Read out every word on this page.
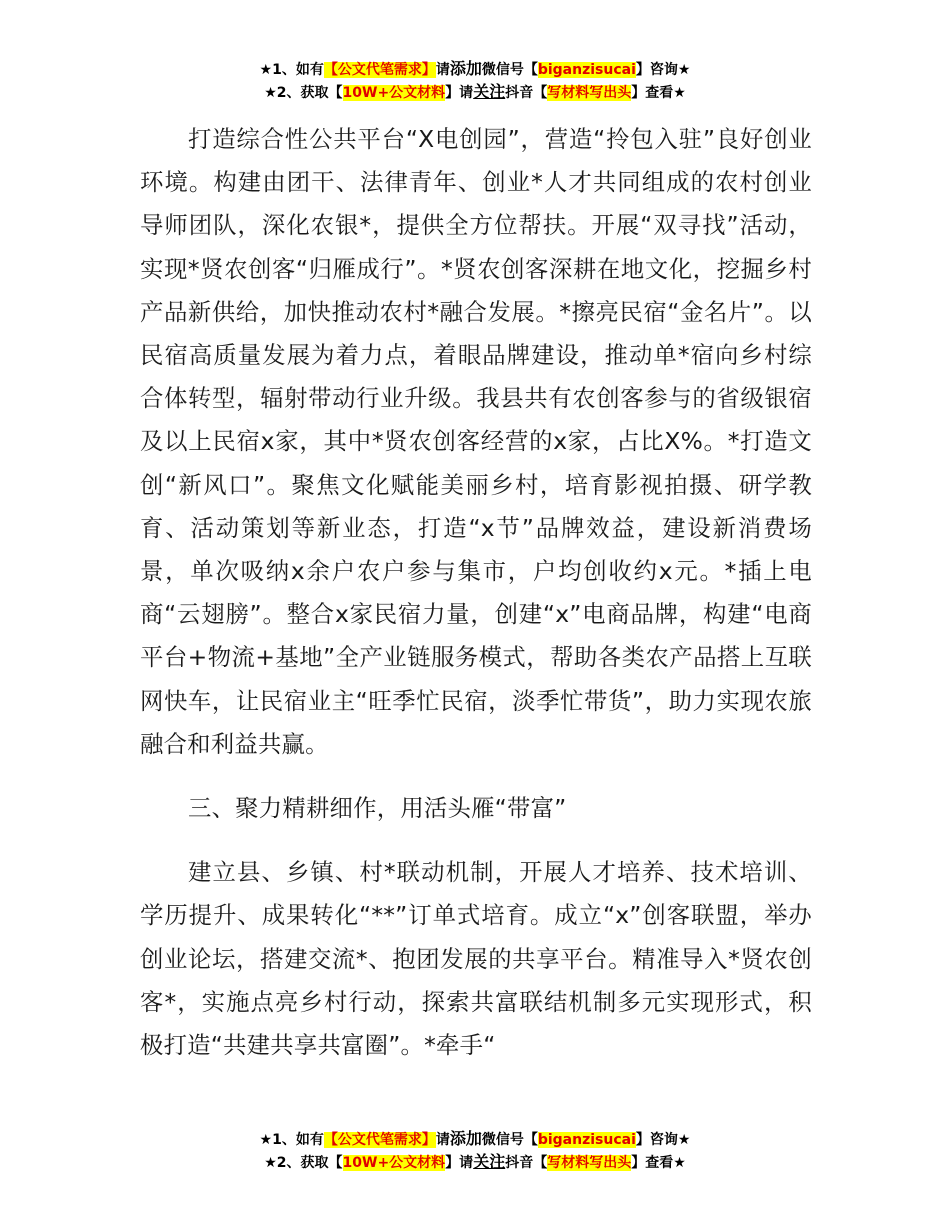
★1、如有【公文代笔需求】请添加微信号【biganzisucai】咨询★
★2、获取【10W+公文材料】请关注抖音【写材料写出头】查看★

打造综合性公共平台“X电创园”，营造“拎包入驻”良好创业环境。构建由团干、法律青年、创业*人才共同组成的农村创业导师团队，深化农银*，提供全方位帮扶。开展“双寻找”活动，实现*贤农创客“归雁成行”。*贤农创客深耕在地文化，挖掘乡村产品新供给，加快推动农村*融合发展。*擦亮民宿“金名片”。以民宿高质量发展为着力点，着眼品牌建设，推动单*宿向乡村综合体转型，辐射带动行业升级。我县共有农创客参与的省级银宿及以上民宿x家，其中*贤农创客经营的x家，占比X%。*打造文创“新风口”。聚焦文化赋能美丽乡村，培育影视拍摄、研学教育、活动策划等新业态，打造“x节”品牌效益，建设新消费场景，单次吸纳x余户农户参与集市，户均创收约x元。*插上电商“云翅膀”。整合x家民宿力量，创建“x”电商品牌，构建“电商平台+物流+基地”全产业链服务模式，帮助各类农产品搭上互联网快车，让民宿业主“旺季忙民宿，淡季忙带货”，助力实现农旅融合和利益共赢。

三、聚力精耕细作，用活头雁“带富”

建立县、乡镇、村*联动机制，开展人才培养、技术培训、学历提升、成果转化“**”订单式培育。成立“x”创客联盟，举办创业论坛，搭建交流*、抱团发展的共享平台。精准导入*贤农创客*，实施点亮乡村行动，探索共富联结机制多元实现形式，积极打造“共建共享共富圈”。*牵手“

★1、如有【公文代笔需求】请添加微信号【biganzisucai】咨询★
★2、获取【10W+公文材料】请关注抖音【写材料写出头】查看★
